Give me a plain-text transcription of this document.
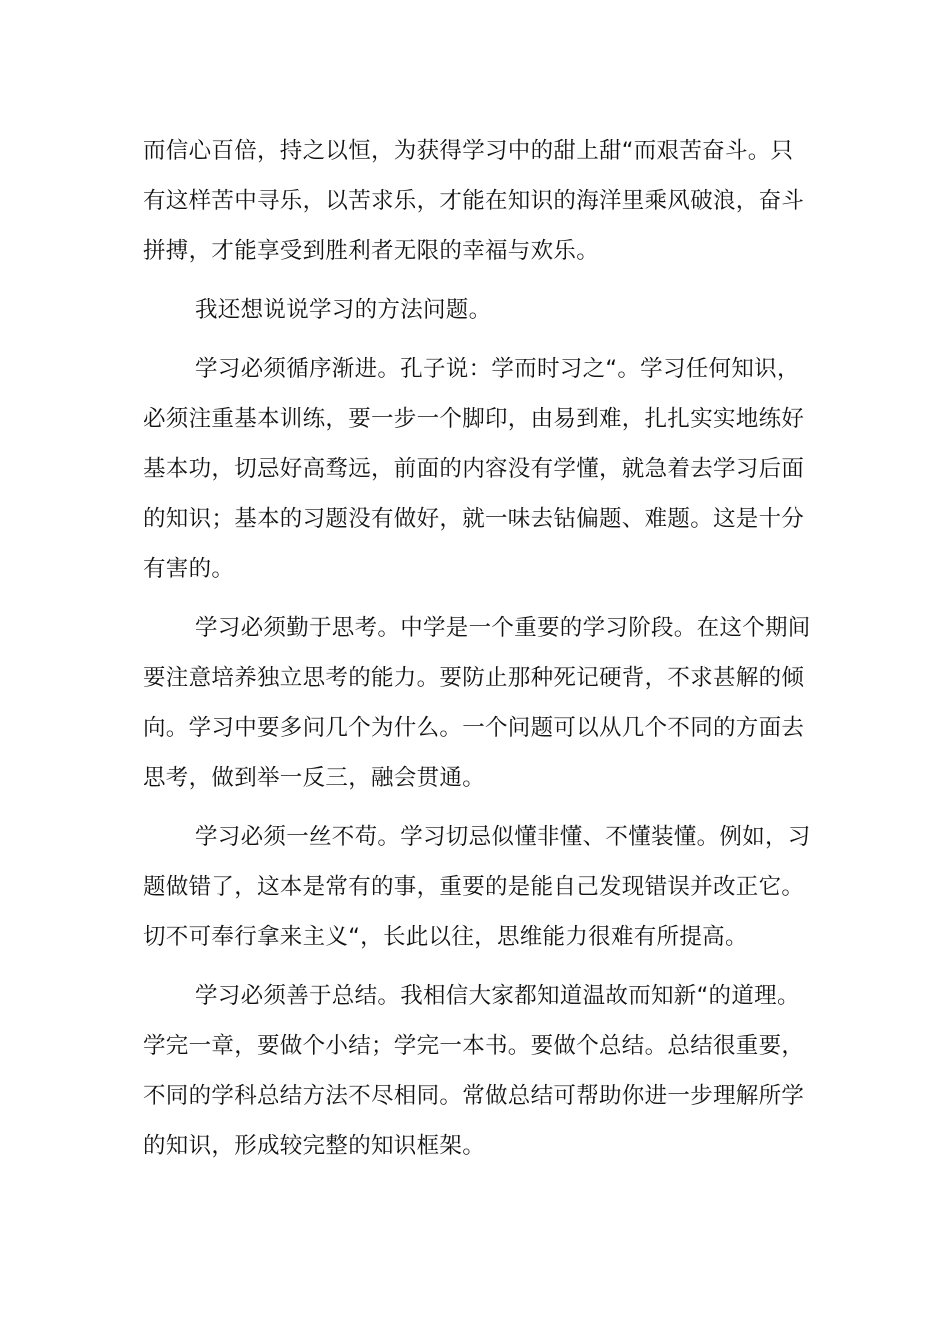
而信心百倍，持之以恒，为获得学习中的甜上甜“而艰苦奋斗。只
有这样苦中寻乐，以苦求乐，才能在知识的海洋里乘风破浪，奋斗
拼搏，才能享受到胜利者无限的幸福与欢乐。
我还想说说学习的方法问题。
学习必须循序渐进。孔子说：学而时习之“。学习任何知识，
必须注重基本训练，要一步一个脚印，由易到难，扎扎实实地练好
基本功，切忌好高骛远，前面的内容没有学懂，就急着去学习后面
的知识；基本的习题没有做好，就一味去钻偏题、难题。这是十分
有害的。
学习必须勤于思考。中学是一个重要的学习阶段。在这个期间
要注意培养独立思考的能力。要防止那种死记硬背，不求甚解的倾
向。学习中要多问几个为什么。一个问题可以从几个不同的方面去
思考，做到举一反三，融会贯通。
学习必须一丝不苟。学习切忌似懂非懂、不懂装懂。例如，习
题做错了，这本是常有的事，重要的是能自己发现错误并改正它。
切不可奉行拿来主义“，长此以往，思维能力很难有所提高。
学习必须善于总结。我相信大家都知道温故而知新“的道理。
学完一章，要做个小结；学完一本书。要做个总结。总结很重要，
不同的学科总结方法不尽相同。常做总结可帮助你进一步理解所学
的知识，形成较完整的知识框架。
